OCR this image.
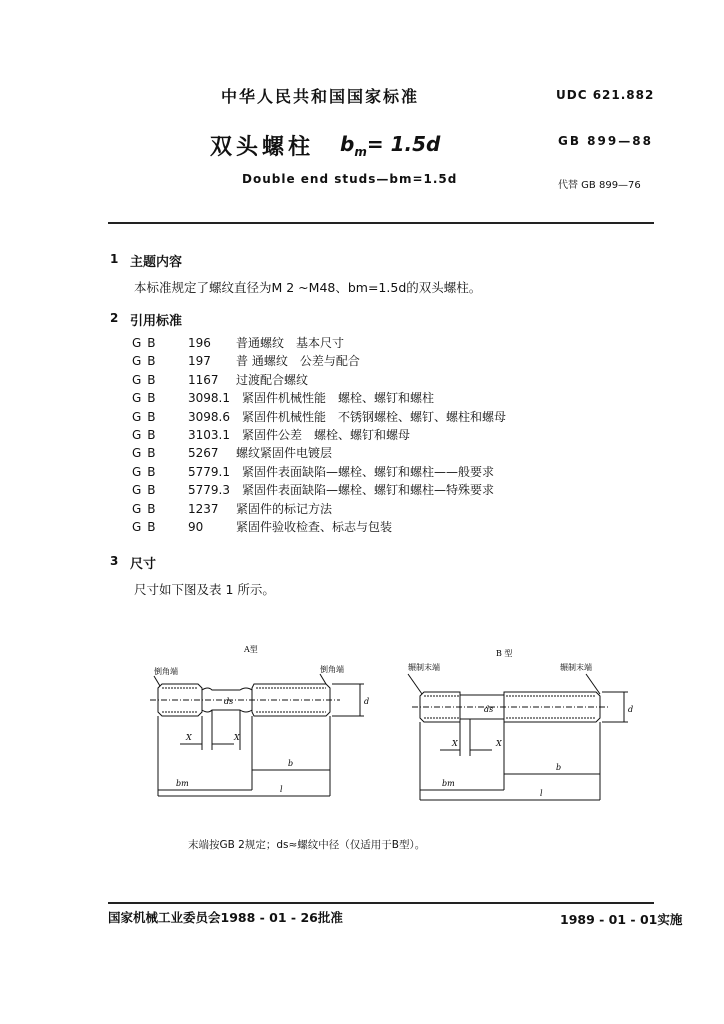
中华人民共和国国家标准	UDC 621.882
双头螺柱 $b_m= 1.5d$	GB 899—88
Double end studs—bm=1.5d	代替 GB 899—76
1 主题内容
本标准规定了螺纹直径为M 2 ~M48、bm=1.5d的双头螺柱。
2 引用标准
GB 196　 普通螺纹　基本尺寸
GB 197　 普 通螺纹　公差与配合
GB 1167　 过渡配合螺纹
GB 3098.1　 紧固件机械性能　螺栓、螺钉和螺柱
GB 3098.6　 紧固件机械性能　不锈钢螺栓、螺钉、螺柱和螺母
GB 3103.1　 紧固件公差　螺栓、螺钉和螺母
GB 5267　 螺纹紧固件电镀层
GB 5779.1　 紧固件表面缺陷—螺栓、螺钉和螺柱——般要求
GB 5779.3　 紧固件表面缺陷—螺栓、螺钉和螺柱—特殊要求
GB 1237　 紧固件的标记方法
GB 90　	紧固件验收检查、标志与包装
3 尺寸
尺寸如下图及表 1 所示。
A型
倒角端	倒角端
d
ds
X	X
b
bm
l
B 型
辗制末端	辗制末端
d
ds
X	X
b
bm
l
末端按GB 2规定；ds≈螺纹中径（仅适用于B型）。
国家机械工业委员会1988 - 01 - 26批准	1989 - 01 - 01实施
